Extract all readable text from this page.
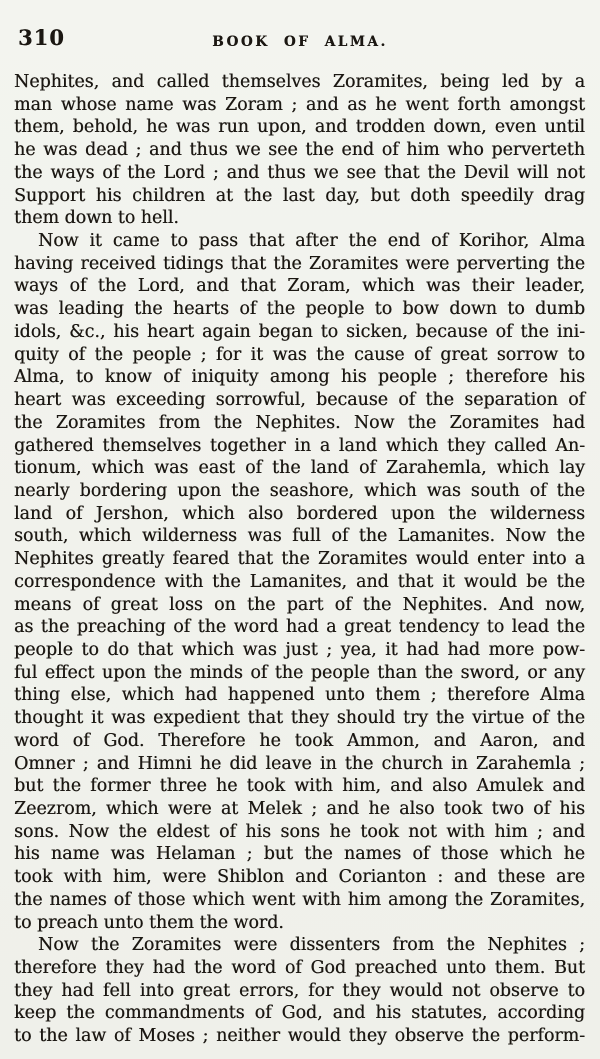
310	BOOK OF ALMA.
Nephites, and called themselves Zoramites, being led by a
man whose name was Zoram ; and as he went forth amongst
them, behold, he was run upon, and trodden down, even until
he was dead ; and thus we see the end of him who perverteth
the ways of the Lord ; and thus we see that the Devil will not
Support his children at the last day, but doth speedily drag
them down to hell.
Now it came to pass that after the end of Korihor, Alma
having received tidings that the Zoramites were perverting the
ways of the Lord, and that Zoram, which was their leader,
was leading the hearts of the people to bow down to dumb
idols, &c., his heart again began to sicken, because of the ini-
quity of the people ; for it was the cause of great sorrow to
Alma, to know of iniquity among his people ; therefore his
heart was exceeding sorrowful, because of the separation of
the Zoramites from the Nephites. Now the Zoramites had
gathered themselves together in a land which they called An-
tionum, which was east of the land of Zarahemla, which lay
nearly bordering upon the seashore, which was south of the
land of Jershon, which also bordered upon the wilderness
south, which wilderness was full of the Lamanites. Now the
Nephites greatly feared that the Zoramites would enter into a
correspondence with the Lamanites, and that it would be the
means of great loss on the part of the Nephites. And now,
as the preaching of the word had a great tendency to lead the
people to do that which was just ; yea, it had had more pow-
ful effect upon the minds of the people than the sword, or any
thing else, which had happened unto them ; therefore Alma
thought it was expedient that they should try the virtue of the
word of God. Therefore he took Ammon, and Aaron, and
Omner ; and Himni he did leave in the church in Zarahemla ;
but the former three he took with him, and also Amulek and
Zeezrom, which were at Melek ; and he also took two of his
sons. Now the eldest of his sons he took not with him ; and
his name was Helaman ; but the names of those which he
took with him, were Shiblon and Corianton : and these are
the names of those which went with him among the Zoramites,
to preach unto them the word.
Now the Zoramites were dissenters from the Nephites ;
therefore they had the word of God preached unto them. But
they had fell into great errors, for they would not observe to
keep the commandments of God, and his statutes, according
to the law of Moses ; neither would they observe the perform-
